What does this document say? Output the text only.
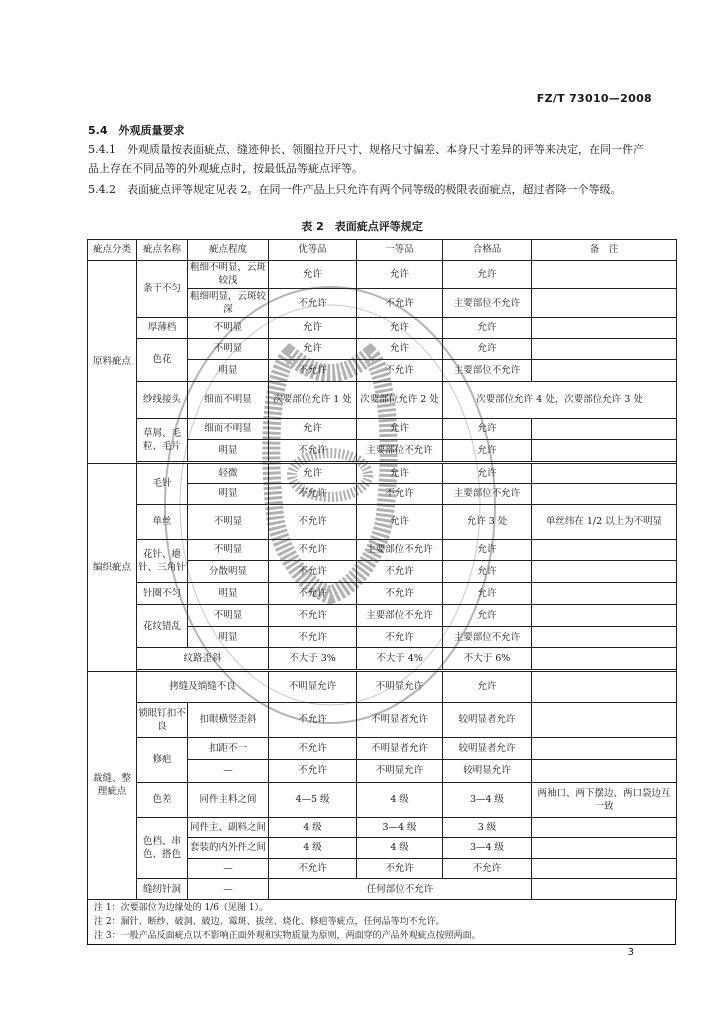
FZ/T 73010—2008
5.4　外观质量要求
5.4.1　外观质量按表面疵点、缝迹伸长、领圈拉开尺寸、规格尺寸偏差、本身尺寸差异的评等来决定，在同一件产品上存在不同品等的外观疵点时，按最低品等疵点评等。
5.4.2　表面疵点评等规定见表 2。在同一件产品上只允许有两个同等级的极限表面疵点，超过者降一个等级。
表 2　表面疵点评等规定
疵点分类	疵点名称	疵点程度	优等品	一等品	合格品	备　注
原料疵点	条干不匀	粗细不明显，云斑较浅	允许	允许	允许	
		粗细明显，云斑较深	不允许	不允许	主要部位不允许	
	厚薄档	不明显	允许	允许	允许	
	色花	不明显	允许	允许	允许	
		明显	不允许	不允许	主要部位不允许	
	纱线接头	细而不明显	次要部位允许 1 处	次要部位允许 2 处	次要部位允许 4 处，次要部位允许 3 处	
	草屑、毛粒、毛片	细而不明显	允许	允许	允许	
		明显	不允许	主要部位不允许	允许	

编织疵点	毛针	轻微	允许	允许	允许	
		明显	不允许	不允许	主要部位不允许	
	单丝	不明显	不允许	允许	允许 3 处	单丝纬在 1/2 以上为不明显
	花针、瘪针、三角针	不明显	不允许	主要部位不允许	允许	
		分散明显	不允许	不允许	允许	
	针圈不匀	明显	不允许	不允许	允许	
	花纹错乱	不明显	不允许	主要部位不允许	允许	
		明显	不允许	不允许	主要部位不允许	
	纹路歪斜		不大于 3%	不大于 4%	不大于 6%	

裁缝、整理疵点	拷缝及绱缝不良		不明显允许	不明显允许	允许	
	锁眼钉扣不良	扣眼横竖歪斜	不允许	不明显者允许	较明显者允许	
	修疤	扣距不一	不允许	不明显者允许	较明显者允许	
		—	不允许	不明显允许	较明显允许	
	色差	同件主料之间	4—5 级	4 级	3—4 级	两袖口、两下摆边、两口袋边互一致
	色档、串色、搭色	同件主、副料之间	4 级	3—4 级	3 级	
		套装的内外件之间	4 级	4 级	3—4 级	
		—	不允许	不允许	不允许	
	缝纫针洞	—	任何部位不允许			
注 1：次要部位为边缘处的 1/6（见图 1）。
注 2：漏针、断纱、破洞、破边、霉斑、拔丝、烧化、修疤等疵点，任何品等均不允许。
注 3：一般产品反面疵点以不影响正面外观和实物质量为原则，两面穿的产品外观疵点按照两面。
3
